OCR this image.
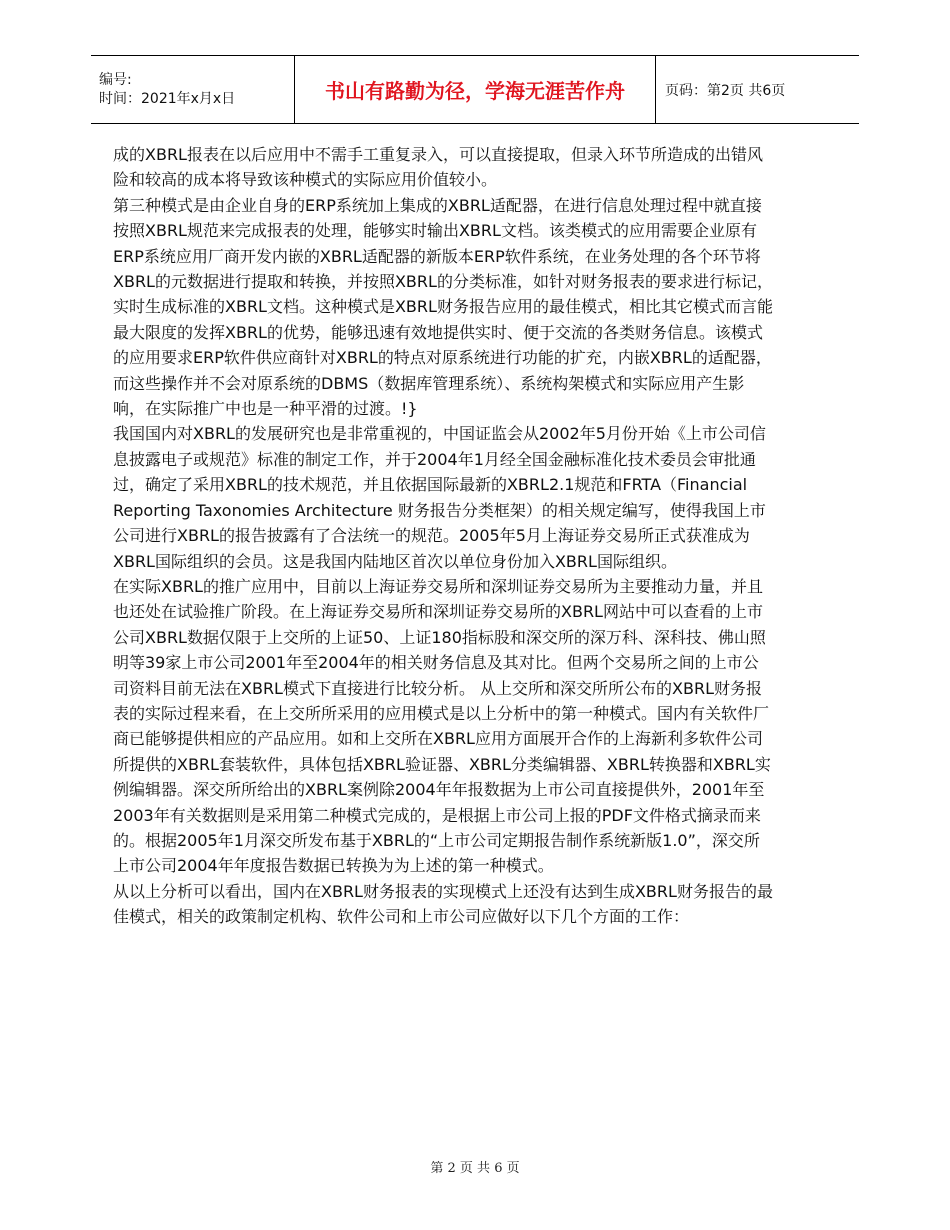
编号:
时间：2021年x月x日	书山有路勤为径，学海无涯苦作舟	页码：第2页 共6页

成的XBRL报表在以后应用中不需手工重复录入，可以直接提取，但录入环节所造成的出错风险和较高的成本将导致该种模式的实际应用价值较小。

第三种模式是由企业自身的ERP系统加上集成的XBRL适配器，在进行信息处理过程中就直接按照XBRL规范来完成报表的处理，能够实时输出XBRL文档。该类模式的应用需要企业原有ERP系统应用厂商开发内嵌的XBRL适配器的新版本ERP软件系统，在业务处理的各个环节将XBRL的元数据进行提取和转换，并按照XBRL的分类标准，如针对财务报表的要求进行标记，实时生成标准的XBRL文档。这种模式是XBRL财务报告应用的最佳模式，相比其它模式而言能最大限度的发挥XBRL的优势，能够迅速有效地提供实时、便于交流的各类财务信息。该模式的应用要求ERP软件供应商针对XBRL的特点对原系统进行功能的扩充，内嵌XBRL的适配器，而这些操作并不会对原系统的DBMS（数据库管理系统）、系统构架模式和实际应用产生影响，在实际推广中也是一种平滑的过渡。!}

我国国内对XBRL的发展研究也是非常重视的，中国证监会从2002年5月份开始《上市公司信息披露电子或规范》标准的制定工作，并于2004年1月经全国金融标准化技术委员会审批通过，确定了采用XBRL的技术规范，并且依据国际最新的XBRL2.1规范和FRTA（Financial Reporting Taxonomies Architecture 财务报告分类框架）的相关规定编写，使得我国上市公司进行XBRL的报告披露有了合法统一的规范。2005年5月上海证券交易所正式获准成为XBRL国际组织的会员。这是我国内陆地区首次以单位身份加入XBRL国际组织。

在实际XBRL的推广应用中，目前以上海证券交易所和深圳证券交易所为主要推动力量，并且也还处在试验推广阶段。在上海证券交易所和深圳证券交易所的XBRL网站中可以查看的上市公司XBRL数据仅限于上交所的上证50、上证180指标股和深交所的深万科、深科技、佛山照明等39家上市公司2001年至2004年的相关财务信息及其对比。但两个交易所之间的上市公司资料目前无法在XBRL模式下直接进行比较分析。 从上交所和深交所所公布的XBRL财务报表的实际过程来看，在上交所所采用的应用模式是以上分析中的第一种模式。国内有关软件厂商已能够提供相应的产品应用。如和上交所在XBRL应用方面展开合作的上海新利多软件公司所提供的XBRL套装软件，具体包括XBRL验证器、XBRL分类编辑器、XBRL转换器和XBRL实例编辑器。深交所所给出的XBRL案例除2004年年报数据为上市公司直接提供外，2001年至2003年有关数据则是采用第二种模式完成的，是根据上市公司上报的PDF文件格式摘录而来的。根据2005年1月深交所发布基于XBRL的“上市公司定期报告制作系统新版1.0”，深交所上市公司2004年年度报告数据已转换为为上述的第一种模式。

从以上分析可以看出，国内在XBRL财务报表的实现模式上还没有达到生成XBRL财务报告的最佳模式，相关的政策制定机构、软件公司和上市公司应做好以下几个方面的工作：

第 2 页 共 6 页
